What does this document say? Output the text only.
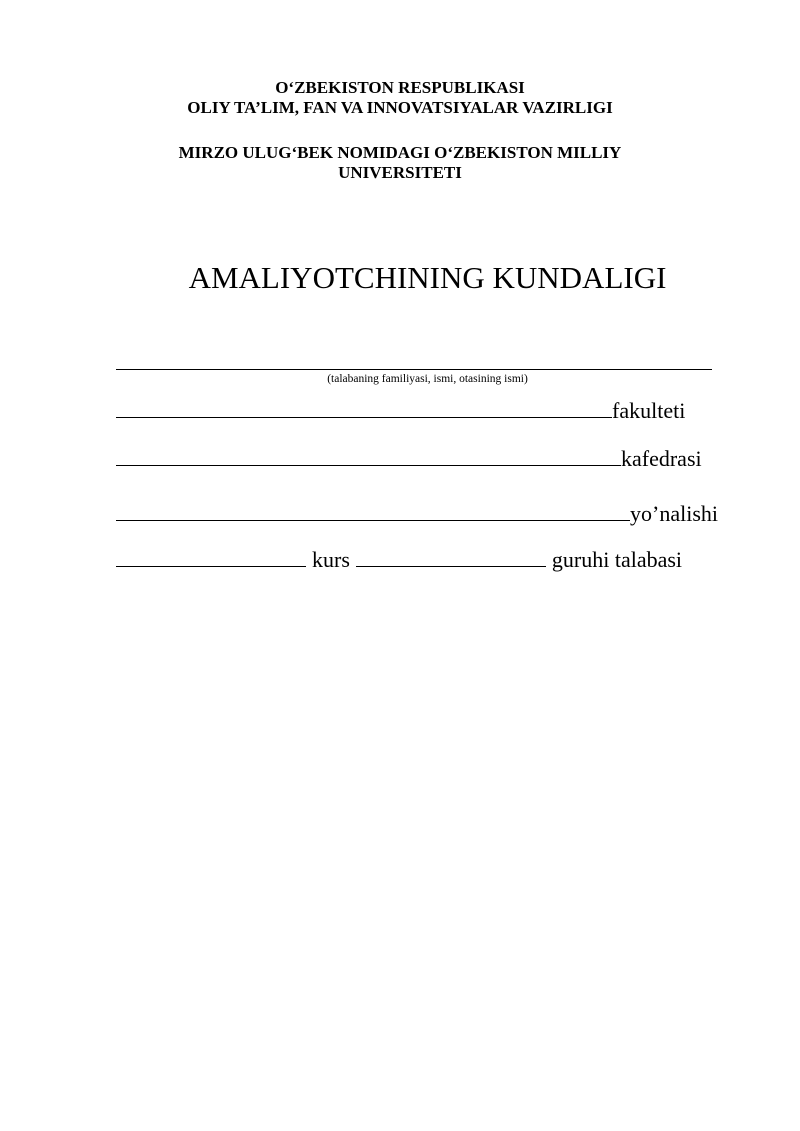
O‘ZBEKISTON RESPUBLIKASI
OLIY TA’LIM, FAN VA INNOVATSIYALAR VAZIRLIGI
MIRZO ULUG‘BEK NOMIDAGI O‘ZBEKISTON MILLIY
UNIVERSITETI
AMALIYOTCHINING KUNDALIGI
(talabaning familiyasi, ismi, otasining ismi)
fakulteti
kafedrasi
yo’nalishi
kurs	guruhi talabasi
